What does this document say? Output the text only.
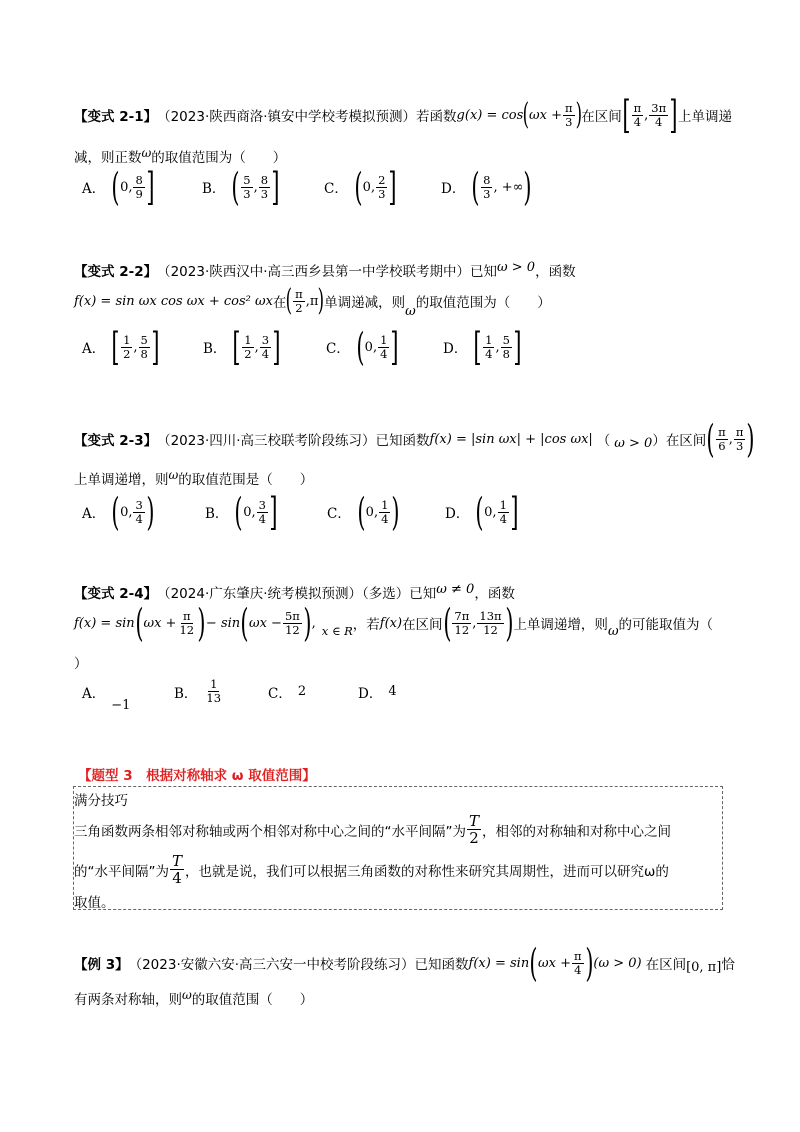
【变式 2-1】 （2023·陕西商洛·镇安中学校考模拟预测）若函数 g(x) = cos ( $\omega x + \frac{\pi}{3}$ ) 在区间 [ $\frac{\pi}{4}$ , $\frac{3\pi}{4}$ ] 上单调递
减，则正数 ω 的取值范围为（　　）
A． ( 0, $\frac{8}{9}$ ]	B． ( $\frac{5}{3}$ , $\frac{8}{3}$ ]	C． ( 0, $\frac{2}{3}$ ]	D． ( $\frac{8}{3}$ , +∞ )
【变式 2-2】 （2023·陕西汉中·高三西乡县第一中学校联考期中）已知 ω > 0 ，函数
f(x) = sin ωx cos ωx + cos² ωx 在 ( $\frac{\pi}{2}$ , π ) 单调递减，则 ω 的取值范围为（　　）
A． [ $\frac{1}{2}$ , $\frac{5}{8}$ ]	B． [ $\frac{1}{2}$ , $\frac{3}{4}$ ]	C． ( 0, $\frac{1}{4}$ ]	D． [ $\frac{1}{4}$ , $\frac{5}{8}$ ]
【变式 2-3】 （2023·四川·高三校联考阶段练习）已知函数 f(x) = |sin ωx| + |cos ωx| （ ω > 0 ） 在区间 ( $\frac{\pi}{6}$ , $\frac{\pi}{3}$ )
上单调递增，则 ω 的取值范围是（　　）
A． ( 0, $\frac{3}{4}$ )	B． ( 0, $\frac{3}{4}$ ]	C． ( 0, $\frac{1}{4}$ )	D． ( 0, $\frac{1}{4}$ ]
【变式 2-4】 （2024·广东肇庆·统考模拟预测）（多选）已知 ω ≠ 0 ，函数
f(x) = sin ( $\omega x + \frac{\pi}{12}$ ) − sin ( $\omega x - \frac{5\pi}{12}$ ) ,
x ∈ R ，若 f(x) 在区间 ( $\frac{7\pi}{12}$ , $\frac{13\pi}{12}$ ) 上单调递增，则 ω 的可能取值为（
）
A．
−1
B． $\frac{1}{13}$	C． 2	D． 4
【题型 3　根据对称轴求 ω 取值范围】
满分技巧
三角函数两条相邻对称轴或两个相邻对称中心之间的“水平间隔”为 $\frac{T}{2}$ ，相邻的对称轴和对称中心之间
的“水平间隔”为 $\frac{T}{4}$ ，也就是说，我们可以根据三角函数的对称性来研究其周期性，进而可以研究ω的
取值。
【例 3】 （2023·安徽六安·高三六安一中校考阶段练习）已知函数 f(x) = sin ( $\omega x + \frac{\pi}{4}$ ) (ω > 0) 在区间 [0, π] 恰
有两条对称轴，则 ω 的取值范围（　　）
